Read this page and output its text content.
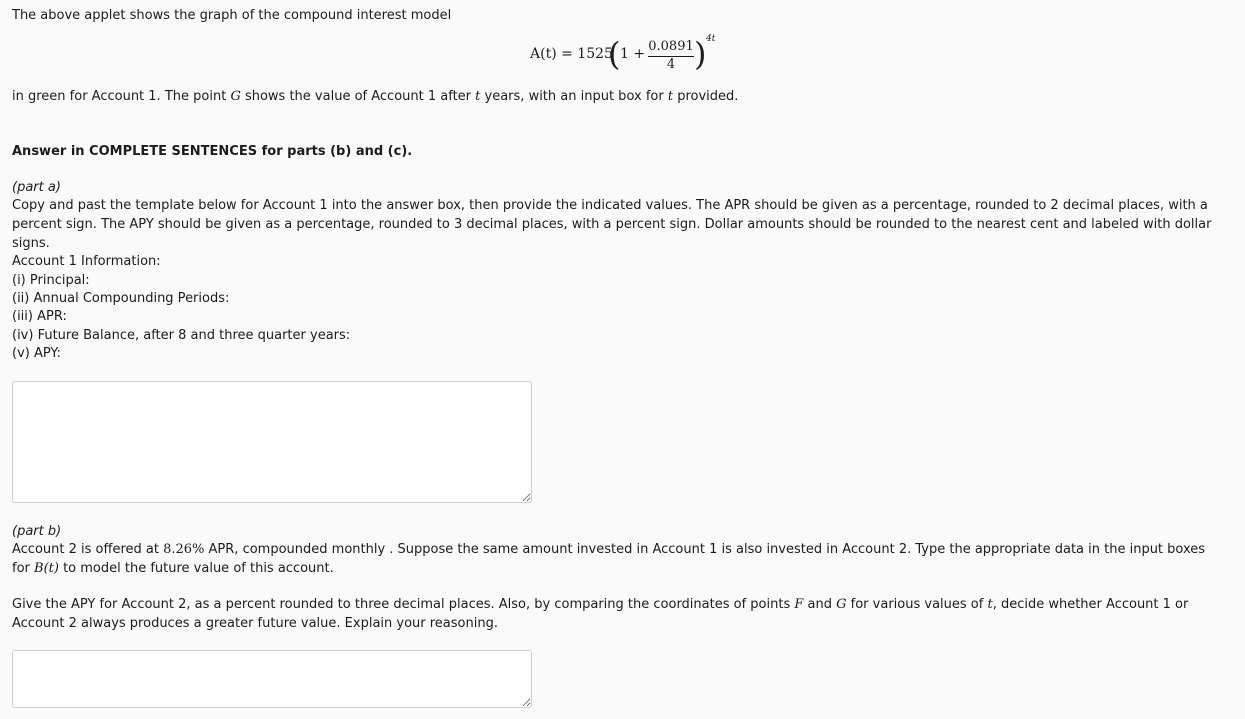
The above applet shows the graph of the compound interest model

A(t) = 1525
( 1 + 0.0891
4 ) 4t

in green for Account 1. The point G shows the value of Account 1 after t years, with an input box for t provided.

Answer in COMPLETE SENTENCES for parts (b) and (c).

(part a)

Copy and past the template below for Account 1 into the answer box, then provide the indicated values. The APR should be given as a percentage, rounded to 2 decimal places, with a percent sign. The APY should be given as a percentage, rounded to 3 decimal places, with a percent sign. Dollar amounts should be rounded to the nearest cent and labeled with dollar signs.

Account 1 Information:

(i) Principal:

(ii) Annual Compounding Periods:

(iii) APR:

(iv) Future Balance, after 8 and three quarter years:

(v) APY:

(part b)

Account 2 is offered at 8.26% APR, compounded monthly . Suppose the same amount invested in Account 1 is also invested in Account 2. Type the appropriate data in the input boxes for B(t) to model the future value of this account.

Give the APY for Account 2, as a percent rounded to three decimal places. Also, by comparing the coordinates of points F and G for various values of t, decide whether Account 1 or Account 2 always produces a greater future value. Explain your reasoning.
